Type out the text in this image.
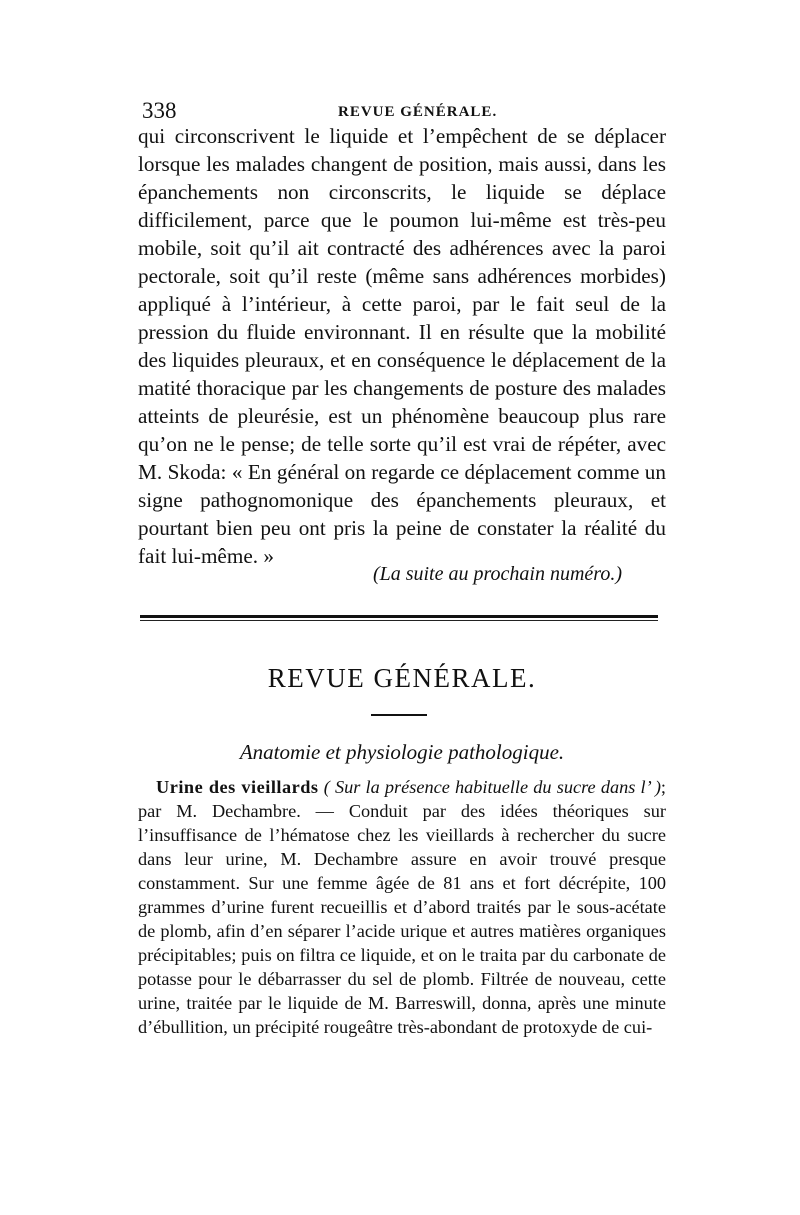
338	REVUE GÉNÉRALE.

qui circonscrivent le liquide et l’empêchent de se déplacer lorsque les malades changent de position, mais aussi, dans les épanchements non circonscrits, le liquide se déplace difficilement, parce que le poumon lui-même est très-peu mobile, soit qu’il ait contracté des adhérences avec la paroi pectorale, soit qu’il reste (même sans adhérences morbides) appliqué à l’intérieur, à cette paroi, par le fait seul de la pression du fluide environnant. Il en résulte que la mobilité des liquides pleuraux, et en conséquence le déplacement de la matité thoracique par les changements de posture des malades atteints de pleurésie, est un phénomène beaucoup plus rare qu’on ne le pense; de telle sorte qu’il est vrai de répéter, avec M. Skoda: « En général on regarde ce déplacement comme un signe pathognomonique des épanchements pleuraux, et pourtant bien peu ont pris la peine de constater la réalité du fait lui-même. »

(La suite au prochain numéro.)
REVUE GÉNÉRALE.
Anatomie et physiologie pathologique.

Urine des vieillards ( Sur la présence habituelle du sucre dans l’ ); par M. Dechambre. — Conduit par des idées théoriques sur l’insuffisance de l’hématose chez les vieillards à rechercher du sucre dans leur urine, M. Dechambre assure en avoir trouvé presque constamment. Sur une femme âgée de 81 ans et fort décrépite, 100 grammes d’urine furent recueillis et d’abord traités par le sous-acétate de plomb, afin d’en séparer l’acide urique et autres matières organiques précipitables; puis on filtra ce liquide, et on le traita par du carbonate de potasse pour le débarrasser du sel de plomb. Filtrée de nouveau, cette urine, traitée par le liquide de M. Barreswill, donna, après une minute d’ébullition, un précipité rougeâtre très-abondant de protoxyde de cui-
